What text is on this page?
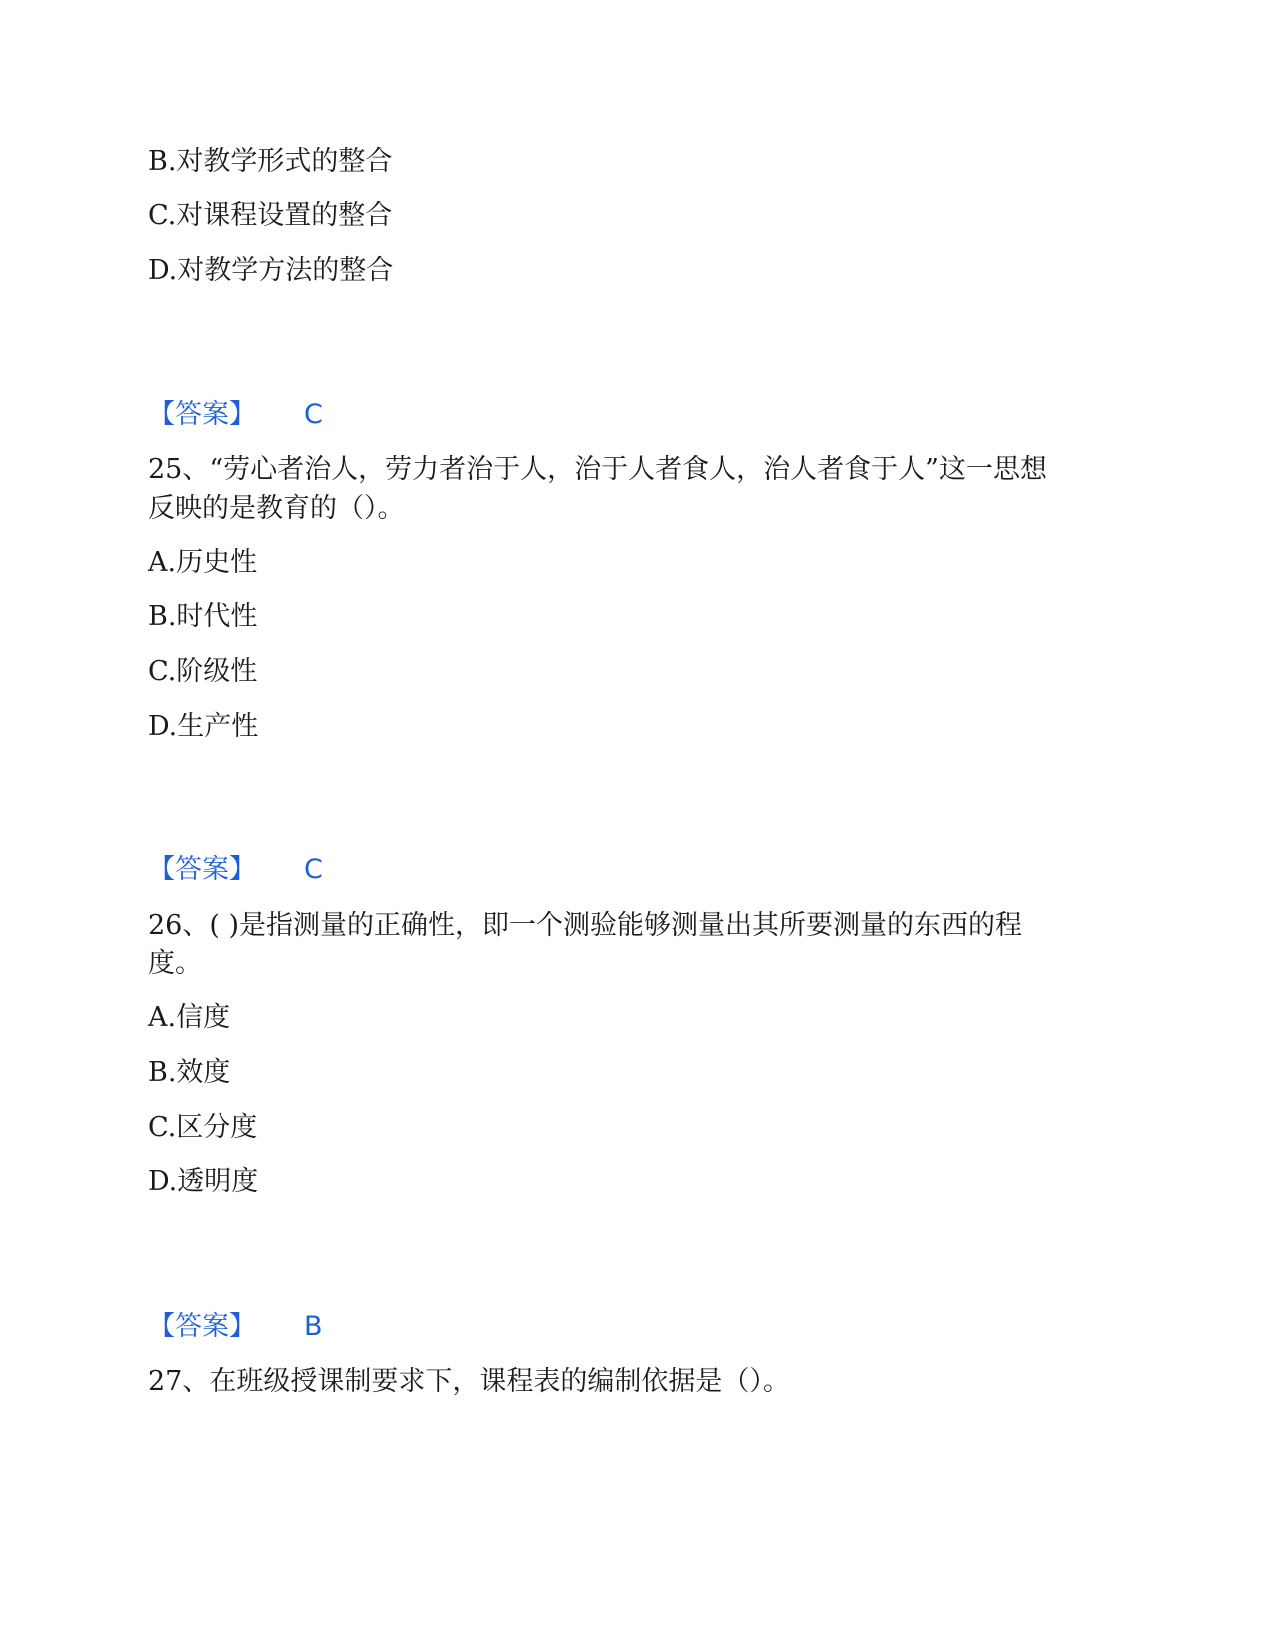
B.对教学形式的整合
C.对课程设置的整合
D.对教学方法的整合
【答案】 C
25、“劳心者治人，劳力者治于人，治于人者食人，治人者食于人”这一思想
反映的是教育的（）。
A.历史性
B.时代性
C.阶级性
D.生产性
【答案】 C
26、( )是指测量的正确性，即一个测验能够测量出其所要测量的东西的程
度。
A.信度
B.效度
C.区分度
D.透明度
【答案】 B
27、在班级授课制要求下，课程表的编制依据是（）。
